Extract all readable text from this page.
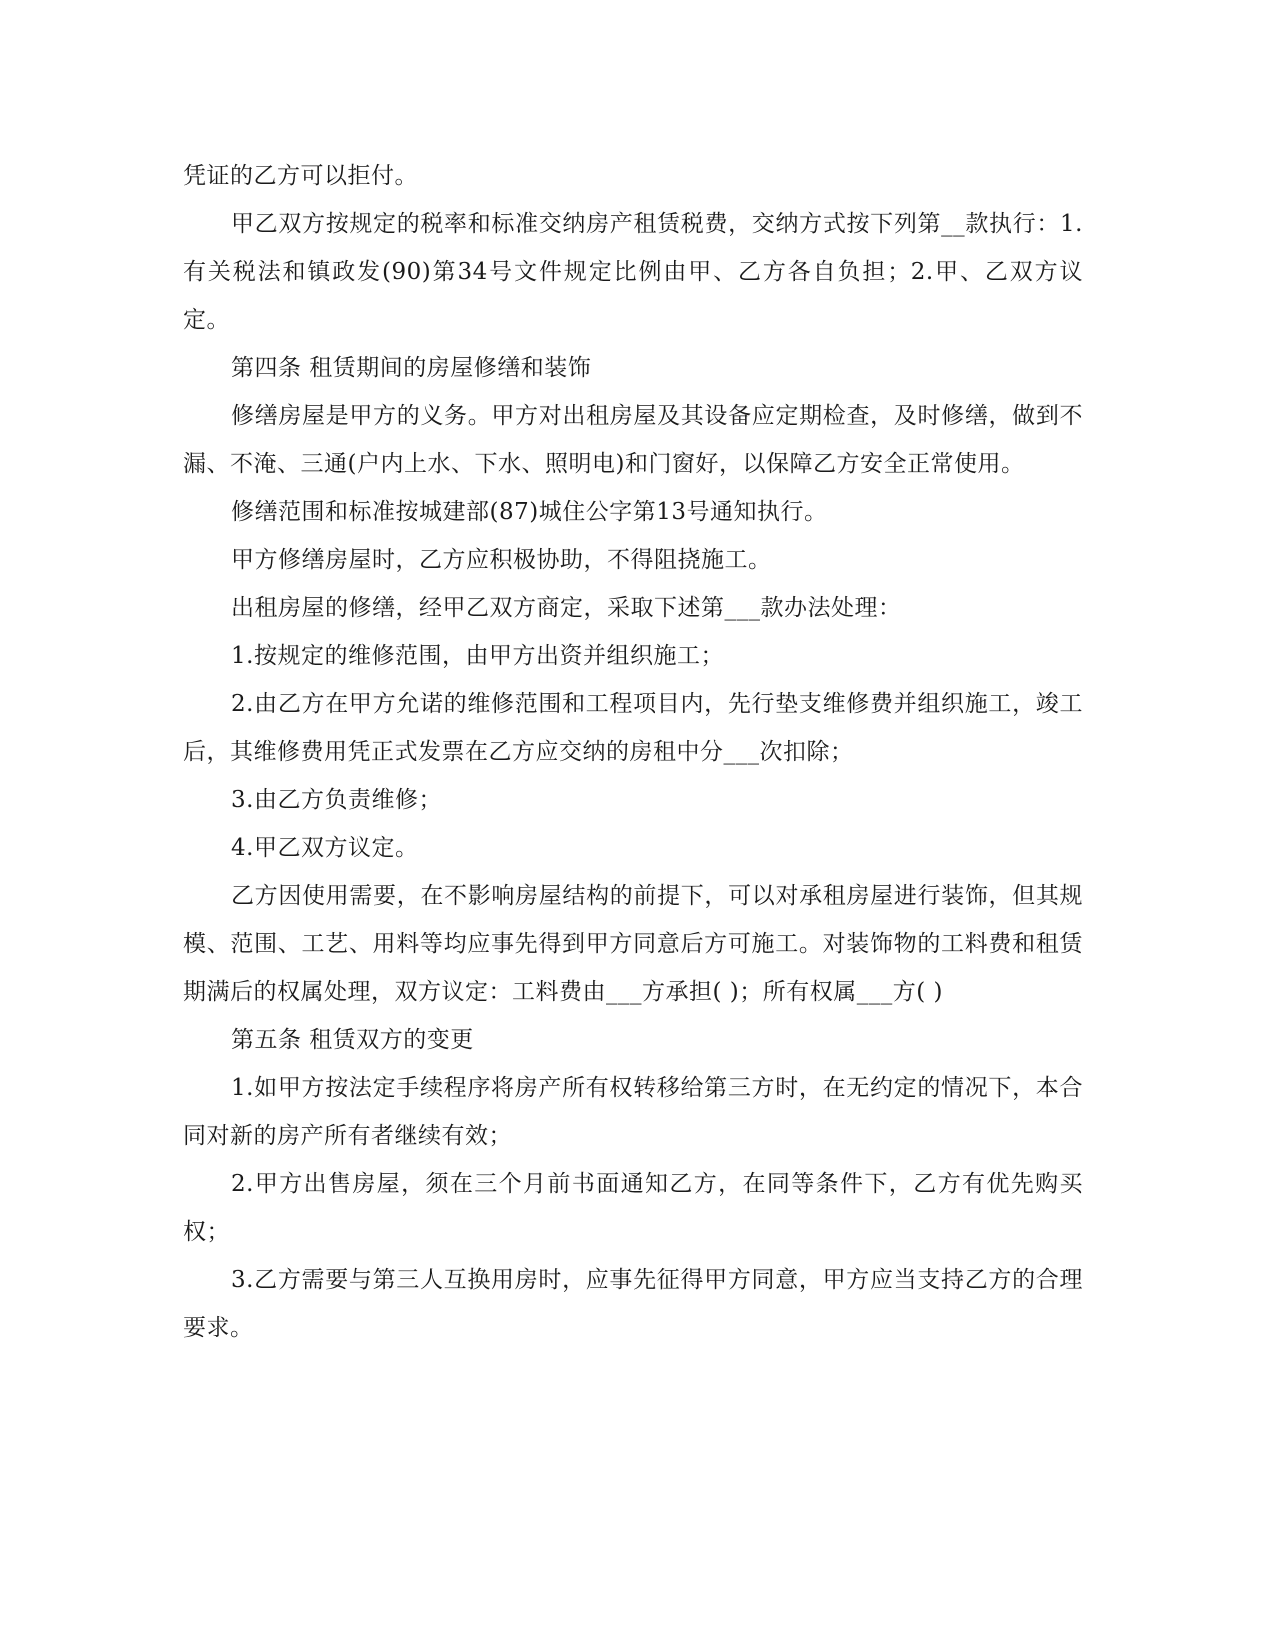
凭证的乙方可以拒付。

甲乙双方按规定的税率和标准交纳房产租赁税费，交纳方式按下列第__款执行：1.有关税法和镇政发(90)第34号文件规定比例由甲、乙方各自负担；2.甲、乙双方议定。

第四条 租赁期间的房屋修缮和装饰

修缮房屋是甲方的义务。甲方对出租房屋及其设备应定期检查，及时修缮，做到不漏、不淹、三通(户内上水、下水、照明电)和门窗好，以保障乙方安全正常使用。

修缮范围和标准按城建部(87)城住公字第13号通知执行。

甲方修缮房屋时，乙方应积极协助，不得阻挠施工。

出租房屋的修缮，经甲乙双方商定，采取下述第___款办法处理：

1.按规定的维修范围，由甲方出资并组织施工；

2.由乙方在甲方允诺的维修范围和工程项目内，先行垫支维修费并组织施工，竣工后，其维修费用凭正式发票在乙方应交纳的房租中分___次扣除；

3.由乙方负责维修；

4.甲乙双方议定。

乙方因使用需要，在不影响房屋结构的前提下，可以对承租房屋进行装饰，但其规模、范围、工艺、用料等均应事先得到甲方同意后方可施工。对装饰物的工料费和租赁期满后的权属处理，双方议定：工料费由___方承担( )；所有权属___方( )

第五条 租赁双方的变更

1.如甲方按法定手续程序将房产所有权转移给第三方时，在无约定的情况下，本合同对新的房产所有者继续有效；

2.甲方出售房屋，须在三个月前书面通知乙方，在同等条件下，乙方有优先购买权；

3.乙方需要与第三人互换用房时，应事先征得甲方同意，甲方应当支持乙方的合理要求。
